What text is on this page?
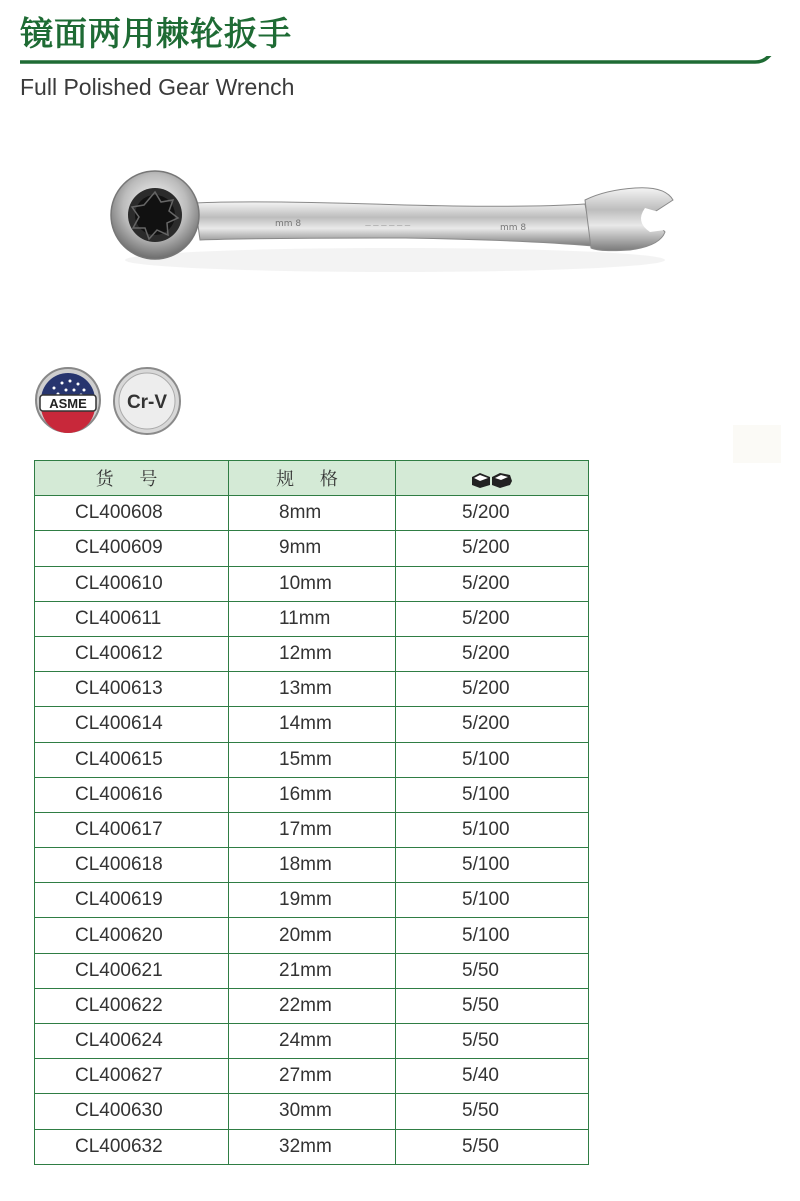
镜面两用棘轮扳手
Full Polished Gear Wrench
mm 8	— — — — — —	mm 8
ASME Cr-V
货 号	规 格	
CL400608	8mm	5/200
CL400609	9mm	5/200
CL400610	10mm	5/200
CL400611	11mm	5/200
CL400612	12mm	5/200
CL400613	13mm	5/200
CL400614	14mm	5/200
CL400615	15mm	5/100
CL400616	16mm	5/100
CL400617	17mm	5/100
CL400618	18mm	5/100
CL400619	19mm	5/100
CL400620	20mm	5/100
CL400621	21mm	5/50
CL400622	22mm	5/50
CL400624	24mm	5/50
CL400627	27mm	5/40
CL400630	30mm	5/50
CL400632	32mm	5/50
